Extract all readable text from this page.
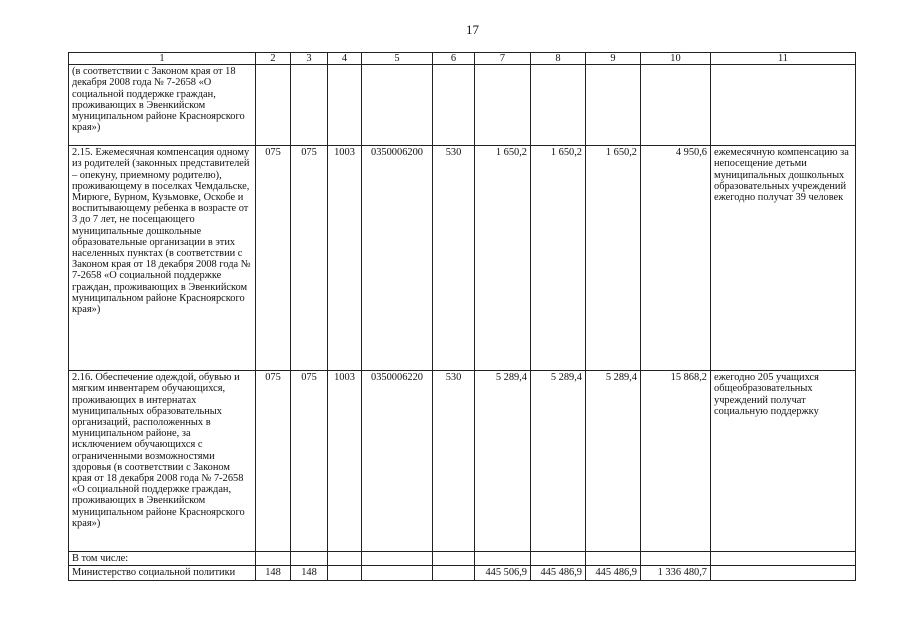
17
1	2	3	4	5	6	7	8	9	10	11
(в соответствии с Законом края от 18 декабря 2008 года № 7-2658 «О социальной поддержке граждан, проживающих в Эвенкийском муниципальном районе Красноярского края»)										
2.15. Ежемесячная компенсация одному из родителей (законных представителей – опекуну, приемному родителю), проживающему в поселках Чемдальске, Мирюге, Бурном, Кузьмовке, Оскобе и воспитывающему ребенка в возрасте от 3 до 7 лет, не посещающего муниципальные дошкольные образовательные организации в этих населенных пунктах (в соответствии с Законом края от 18 декабря 2008 года № 7-2658 «О социальной поддержке граждан, проживающих в Эвенкийском муниципальном районе Красноярского края»)	075	075	1003	0350006200	530	1 650,2	1 650,2	1 650,2	4 950,6	ежемесячную компенсацию за непосещение детьми муниципальных дошкольных образовательных учреждений ежегодно получат 39 человек
2.16. Обеспечение одеждой, обувью и мягким инвентарем обучающихся, проживающих в интернатах муниципальных образовательных организаций, расположенных в муниципальном районе, за исключением обучающихся с ограниченными возможностями здоровья (в соответствии с Законом края от 18 декабря 2008 года № 7-2658 «О социальной поддержке граждан, проживающих в Эвенкийском муниципальном районе Красноярского края»)	075	075	1003	0350006220	530	5 289,4	5 289,4	5 289,4	15 868,2	ежегодно 205 учащихся общеобразовательных учреждений получат социальную поддержку
В том числе:										
Министерство социальной политики	148	148				445 506,9	445 486,9	445 486,9	1 336 480,7	
